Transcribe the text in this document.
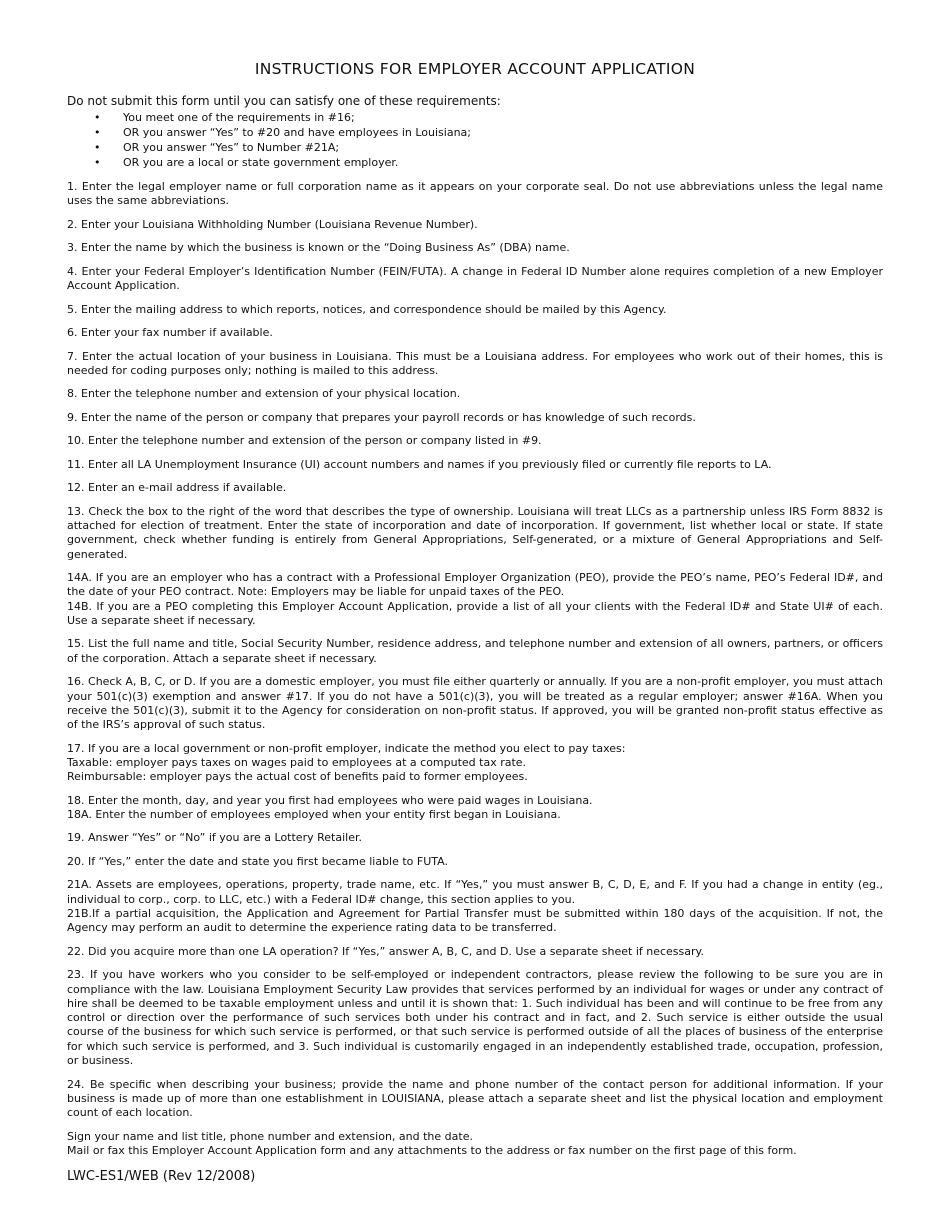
INSTRUCTIONS FOR EMPLOYER ACCOUNT APPLICATION

Do not submit this form until you can satisfy one of these requirements:

• You meet one of the requirements in #16;
• OR you answer “Yes” to #20 and have employees in Louisiana;
• OR you answer “Yes” to Number #21A;
• OR you are a local or state government employer.
1. Enter the legal employer name or full corporation name as it appears on your corporate seal. Do not use abbreviations unless the legal name uses the same abbreviations.
2. Enter your Louisiana Withholding Number (Louisiana Revenue Number).
3. Enter the name by which the business is known or the “Doing Business As” (DBA) name.
4. Enter your Federal Employer’s Identification Number (FEIN/FUTA). A change in Federal ID Number alone requires completion of a new Employer Account Application.
5. Enter the mailing address to which reports, notices, and correspondence should be mailed by this Agency.
6. Enter your fax number if available.
7. Enter the actual location of your business in Louisiana. This must be a Louisiana address. For employees who work out of their homes, this is needed for coding purposes only; nothing is mailed to this address.
8. Enter the telephone number and extension of your physical location.
9. Enter the name of the person or company that prepares your payroll records or has knowledge of such records.
10. Enter the telephone number and extension of the person or company listed in #9.
11. Enter all LA Unemployment Insurance (UI) account numbers and names if you previously filed or currently file reports to LA.
12. Enter an e-mail address if available.
13. Check the box to the right of the word that describes the type of ownership. Louisiana will treat LLCs as a partnership unless IRS Form 8832 is attached for election of treatment. Enter the state of incorporation and date of incorporation. If government, list whether local or state. If state government, check whether funding is entirely from General Appropriations, Self-generated, or a mixture of General Appropriations and Self-generated.
14A. If you are an employer who has a contract with a Professional Employer Organization (PEO), provide the PEO’s name, PEO’s Federal ID#, and the date of your PEO contract. Note: Employers may be liable for unpaid taxes of the PEO.
14B. If you are a PEO completing this Employer Account Application, provide a list of all your clients with the Federal ID# and State UI# of each. Use a separate sheet if necessary.
15. List the full name and title, Social Security Number, residence address, and telephone number and extension of all owners, partners, or officers of the corporation. Attach a separate sheet if necessary.
16. Check A, B, C, or D. If you are a domestic employer, you must file either quarterly or annually. If you are a non-profit employer, you must attach your 501(c)(3) exemption and answer #17. If you do not have a 501(c)(3), you will be treated as a regular employer; answer #16A. When you receive the 501(c)(3), submit it to the Agency for consideration on non-profit status. If approved, you will be granted non-profit status effective as of the IRS’s approval of such status.
17. If you are a local government or non-profit employer, indicate the method you elect to pay taxes:
Taxable: employer pays taxes on wages paid to employees at a computed tax rate.
Reimbursable: employer pays the actual cost of benefits paid to former employees.
18. Enter the month, day, and year you first had employees who were paid wages in Louisiana.
18A. Enter the number of employees employed when your entity first began in Louisiana.
19. Answer “Yes” or “No” if you are a Lottery Retailer.
20. If “Yes,” enter the date and state you first became liable to FUTA.
21A. Assets are employees, operations, property, trade name, etc. If “Yes,” you must answer B, C, D, E, and F. If you had a change in entity (eg., individual to corp., corp. to LLC, etc.) with a Federal ID# change, this section applies to you.
21B.If a partial acquisition, the Application and Agreement for Partial Transfer must be submitted within 180 days of the acquisition. If not, the Agency may perform an audit to determine the experience rating data to be transferred.
22. Did you acquire more than one LA operation? If “Yes,” answer A, B, C, and D. Use a separate sheet if necessary.
23. If you have workers who you consider to be self-employed or independent contractors, please review the following to be sure you are in compliance with the law. Louisiana Employment Security Law provides that services performed by an individual for wages or under any contract of hire shall be deemed to be taxable employment unless and until it is shown that: 1. Such individual has been and will continue to be free from any control or direction over the performance of such services both under his contract and in fact, and 2. Such service is either outside the usual course of the business for which such service is performed, or that such service is performed outside of all the places of business of the enterprise for which such service is performed, and 3. Such individual is customarily engaged in an independently established trade, occupation, profession, or business.
24. Be specific when describing your business; provide the name and phone number of the contact person for additional information. If your business is made up of more than one establishment in LOUISIANA, please attach a separate sheet and list the physical location and employment count of each location.
Sign your name and list title, phone number and extension, and the date.
Mail or fax this Employer Account Application form and any attachments to the address or fax number on the first page of this form.
LWC-ES1/WEB (Rev 12/2008)
